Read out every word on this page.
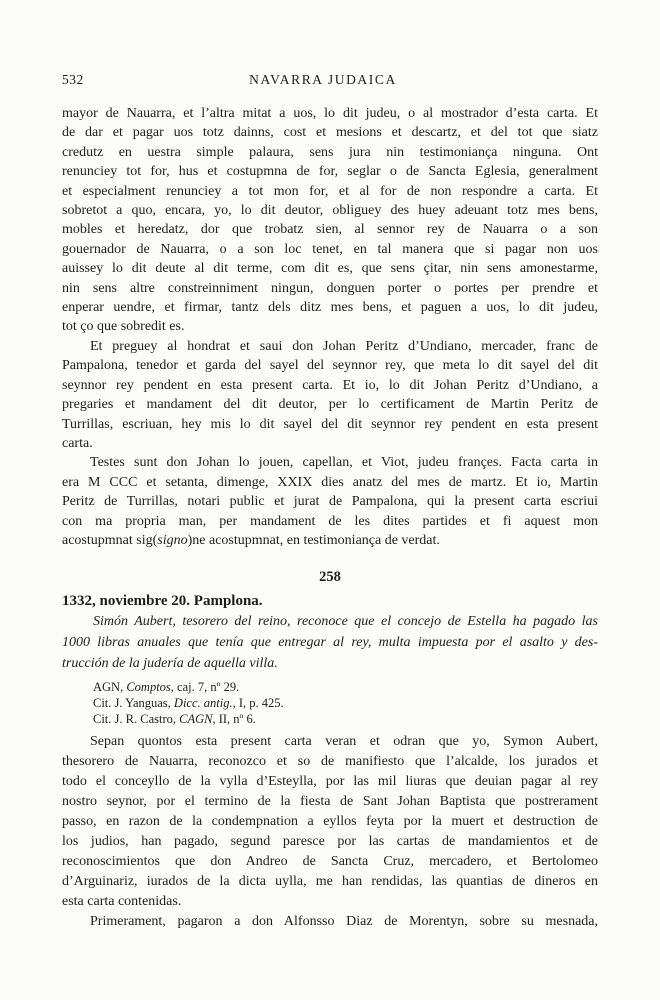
532	NAVARRA JUDAICA
mayor de Nauarra, et l’altra mitat a uos, lo dit judeu, o al mostrador d’esta carta. Et
de dar et pagar uos totz dainns, cost et mesions et descartz, et del tot que siatz
credutz en uestra simple palaura, sens jura nin testimoniança ninguna. Ont
renunciey tot for, hus et costupmna de for, seglar o de Sancta Eglesia, generalment
et especialment renunciey a tot mon for, et al for de non respondre a carta. Et
sobretot a quo, encara, yo, lo dit deutor, obliguey des huey adeuant totz mes bens,
mobles et heredatz, dor que trobatz sien, al sennor rey de Nauarra o a son
gouernador de Nauarra, o a son loc tenet, en tal manera que si pagar non uos
auissey lo dit deute al dit terme, com dit es, que sens çitar, nin sens amonestarme,
nin sens altre constreinniment ningun, donguen porter o portes per prendre et
enperar uendre, et firmar, tantz dels ditz mes bens, et paguen a uos, lo dit judeu,
tot ço que sobredit es.
Et preguey al hondrat et saui don Johan Peritz d’Undiano, mercader, franc de
Pampalona, tenedor et garda del sayel del seynnor rey, que meta lo dit sayel del dit
seynnor rey pendent en esta present carta. Et io, lo dit Johan Peritz d’Undiano, a
pregaries et mandament del dit deutor, per lo certificament de Martin Peritz de
Turrillas, escriuan, hey mis lo dit sayel del dit seynnor rey pendent en esta present
carta.
Testes sunt don Johan lo jouen, capellan, et Viot, judeu françes. Facta carta in
era M CCC et setanta, dimenge, XXIX dies anatz del mes de martz. Et io, Martin
Peritz de Turrillas, notari public et jurat de Pampalona, qui la present carta escriui
con ma propria man, per mandament de les dites partides et fi aquest mon
acostupmnat sig(signo)ne acostupmnat, en testimoniança de verdat.
258
1332, noviembre 20. Pamplona.
Simón Aubert, tesorero del reino, reconoce que el concejo de Estella ha pagado las
1000 libras anuales que tenía que entregar al rey, multa impuesta por el asalto y des-
trucción de la judería de aquella villa.
AGN, Comptos, caj. 7, nº 29.
Cit. J. Yanguas, Dicc. antig., I, p. 425.
Cit. J. R. Castro, CAGN, II, nº 6.
Sepan quontos esta present carta veran et odran que yo, Symon Aubert,
thesorero de Nauarra, reconozco et so de manifiesto que l’alcalde, los jurados et
todo el conceyllo de la vylla d’Esteylla, por las mil liuras que deuian pagar al rey
nostro seynor, por el termino de la fiesta de Sant Johan Baptista que postrerament
passo, en razon de la condempnation a eyllos feyta por la muert et destruction de
los judios, han pagado, segund paresce por las cartas de mandamientos et de
reconoscimientos que don Andreo de Sancta Cruz, mercadero, et Bertolomeo
d’Arguinariz, iurados de la dicta uylla, me han rendidas, las quantias de dineros en
esta carta contenidas.
Primerament, pagaron a don Alfonsso Diaz de Morentyn, sobre su mesnada,
